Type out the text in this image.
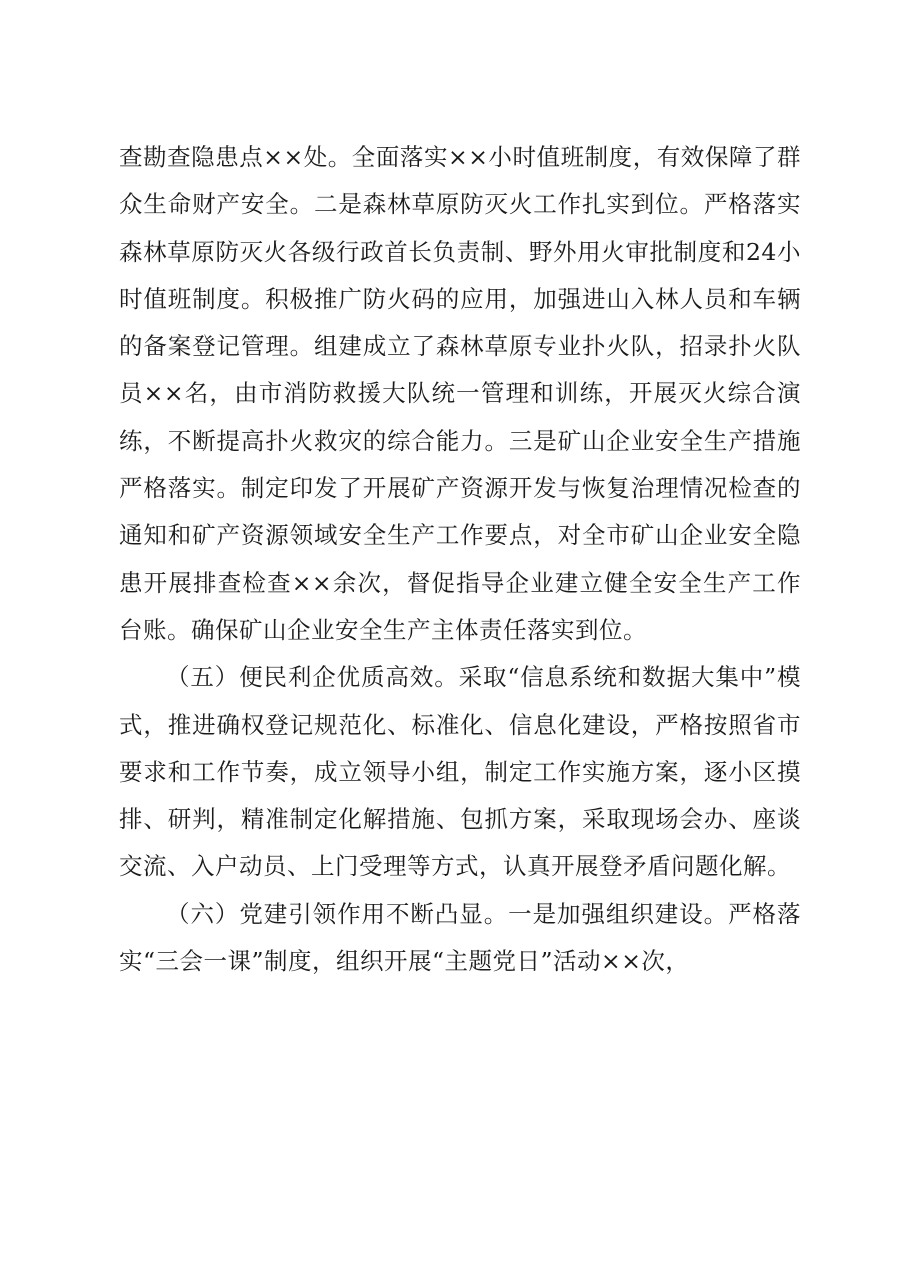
查勘查隐患点××处。全面落实××小时值班制度，有效保障了群众生命财产安全。二是森林草原防灭火工作扎实到位。严格落实森林草原防灭火各级行政首长负责制、野外用火审批制度和24小时值班制度。积极推广防火码的应用，加强进山入林人员和车辆的备案登记管理。组建成立了森林草原专业扑火队，招录扑火队员××名，由市消防救援大队统一管理和训练，开展灭火综合演练，不断提高扑火救灾的综合能力。三是矿山企业安全生产措施严格落实。制定印发了开展矿产资源开发与恢复治理情况检查的通知和矿产资源领域安全生产工作要点，对全市矿山企业安全隐患开展排查检查××余次，督促指导企业建立健全安全生产工作台账。确保矿山企业安全生产主体责任落实到位。

（五）便民利企优质高效。采取“信息系统和数据大集中”模式，推进确权登记规范化、标准化、信息化建设，严格按照省市要求和工作节奏，成立领导小组，制定工作实施方案，逐小区摸排、研判，精准制定化解措施、包抓方案，采取现场会办、座谈交流、入户动员、上门受理等方式，认真开展登矛盾问题化解。

（六）党建引领作用不断凸显。一是加强组织建设。严格落实“三会一课”制度，组织开展“主题党日”活动××次，
